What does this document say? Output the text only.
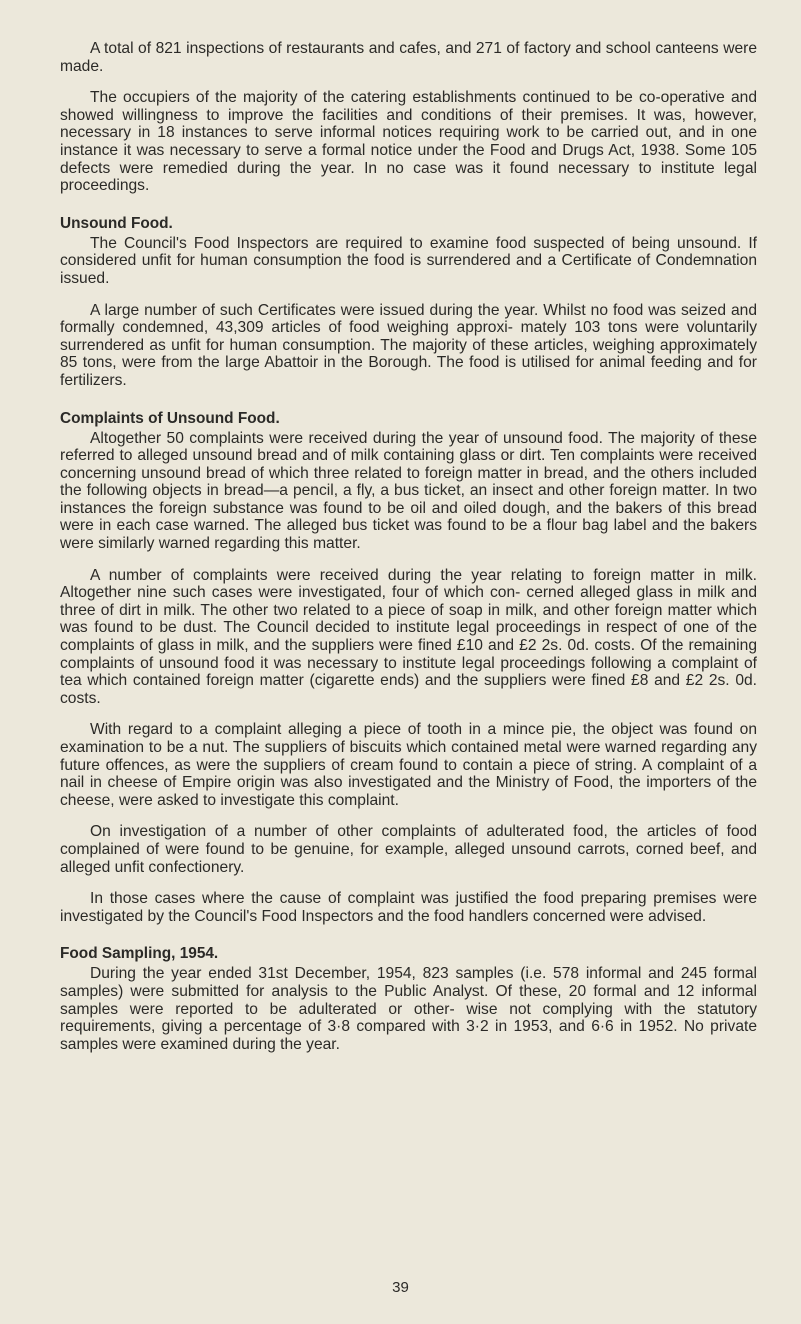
A total of 821 inspections of restaurants and cafes, and 271 of factory and school canteens were made.

The occupiers of the majority of the catering establishments continued to be co-operative and showed willingness to improve the facilities and conditions of their premises. It was, however, necessary in 18 instances to serve informal notices requiring work to be carried out, and in one instance it was necessary to serve a formal notice under the Food and Drugs Act, 1938. Some 105 defects were remedied during the year. In no case was it found necessary to institute legal proceedings.

Unsound Food.

The Council's Food Inspectors are required to examine food suspected of being unsound. If considered unfit for human consumption the food is surrendered and a Certificate of Condemnation issued.

A large number of such Certificates were issued during the year. Whilst no food was seized and formally condemned, 43,309 articles of food weighing approxi- mately 103 tons were voluntarily surrendered as unfit for human consumption. The majority of these articles, weighing approximately 85 tons, were from the large Abattoir in the Borough. The food is utilised for animal feeding and for fertilizers.

Complaints of Unsound Food.

Altogether 50 complaints were received during the year of unsound food. The majority of these referred to alleged unsound bread and of milk containing glass or dirt. Ten complaints were received concerning unsound bread of which three related to foreign matter in bread, and the others included the following objects in bread—a pencil, a fly, a bus ticket, an insect and other foreign matter. In two instances the foreign substance was found to be oil and oiled dough, and the bakers of this bread were in each case warned. The alleged bus ticket was found to be a flour bag label and the bakers were similarly warned regarding this matter.

A number of complaints were received during the year relating to foreign matter in milk. Altogether nine such cases were investigated, four of which con- cerned alleged glass in milk and three of dirt in milk. The other two related to a piece of soap in milk, and other foreign matter which was found to be dust. The Council decided to institute legal proceedings in respect of one of the complaints of glass in milk, and the suppliers were fined £10 and £2 2s. 0d. costs. Of the remaining complaints of unsound food it was necessary to institute legal proceedings following a complaint of tea which contained foreign matter (cigarette ends) and the suppliers were fined £8 and £2 2s. 0d. costs.

With regard to a complaint alleging a piece of tooth in a mince pie, the object was found on examination to be a nut. The suppliers of biscuits which contained metal were warned regarding any future offences, as were the suppliers of cream found to contain a piece of string. A complaint of a nail in cheese of Empire origin was also investigated and the Ministry of Food, the importers of the cheese, were asked to investigate this complaint.

On investigation of a number of other complaints of adulterated food, the articles of food complained of were found to be genuine, for example, alleged unsound carrots, corned beef, and alleged unfit confectionery.

In those cases where the cause of complaint was justified the food preparing premises were investigated by the Council's Food Inspectors and the food handlers concerned were advised.

Food Sampling, 1954.

During the year ended 31st December, 1954, 823 samples (i.e. 578 informal and 245 formal samples) were submitted for analysis to the Public Analyst. Of these, 20 formal and 12 informal samples were reported to be adulterated or other- wise not complying with the statutory requirements, giving a percentage of 3·8 compared with 3·2 in 1953, and 6·6 in 1952. No private samples were examined during the year.

39
